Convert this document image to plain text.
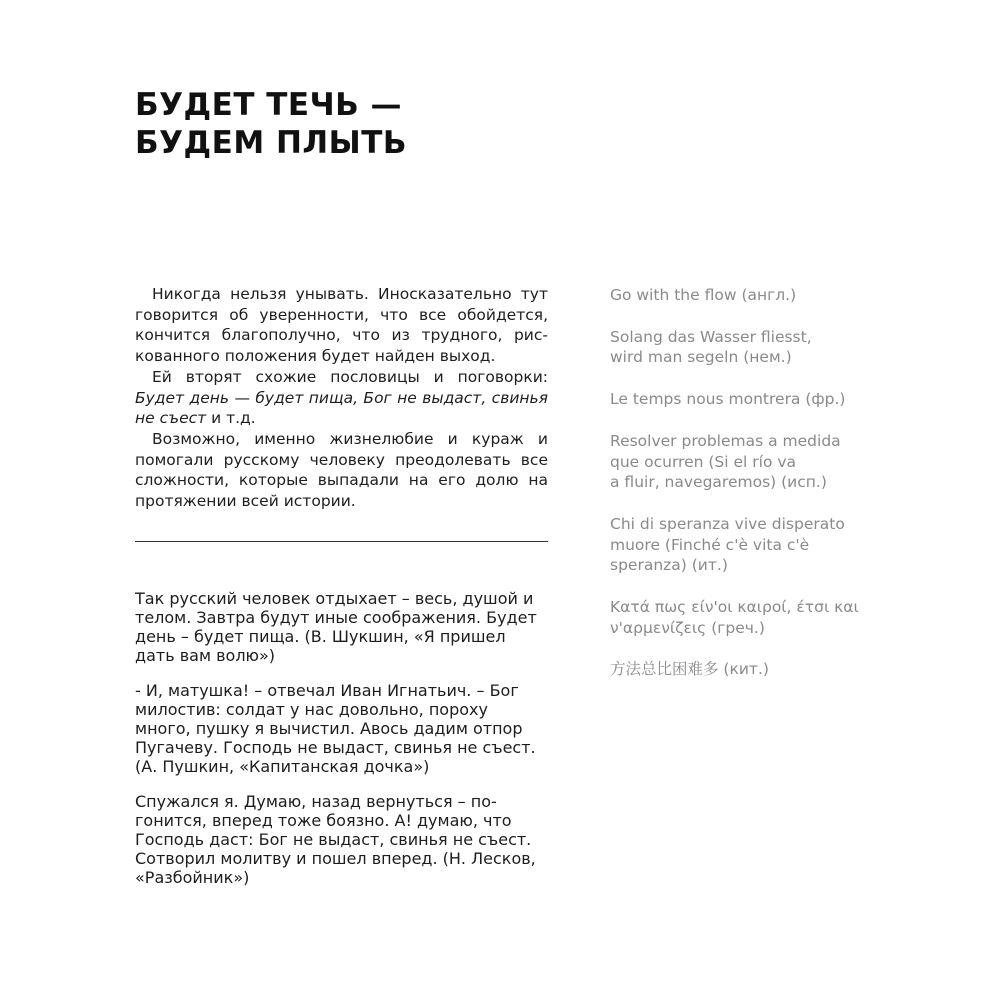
БУДЕТ ТЕЧЬ —
БУДЕМ ПЛЫТЬ

Никогда нельзя унывать. Иносказательно тут говорится об уверенности, что все обойдется, кончится благополучно, что из трудного, рискованного положения будет найден выход.

Ей вторят схожие пословицы и поговорки: Будет день — будет пища, Бог не выдаст, свинья не съест и т.д.

Возможно, именно жизнелюбие и кураж и помогали русскому человеку преодолевать все сложности, которые выпадали на его долю на протяжении всей истории.

Так русский человек отдыхает – весь, душой и телом. Завтра будут иные соображения. Будет день – будет пища. (В. Шукшин, «Я пришел дать вам волю»)

- И, матушка! – отвечал Иван Игнатьич. – Бог милостив: солдат у нас довольно, пороху много, пушку я вычистил. Авось дадим отпор Пугачеву. Господь не выдаст, свинья не съест. (А. Пушкин, «Капитанская дочка»)

Спужался я. Думаю, назад вернуться – погонится, вперед тоже боязно. А! думаю, что Господь даст: Бог не выдаст, свинья не съест. Сотворил молитву и пошел вперед. (Н. Лесков, «Разбойник»)

Go with the flow (англ.)
Solang das Wasser fliesst,
wird man segeln (нем.)
Le temps nous montrera (фр.)
Resolver problemas a medida
que ocurren (Si el río va
a fluir, navegaremos) (исп.)
Chi di speranza vive disperato
muore (Finché c'è vita c'è
speranza) (ит.)
Κατά πως είν'οι καιροί, έτσι και
ν'αρμενίζεις (греч.)
方法总比困难多 (кит.)
